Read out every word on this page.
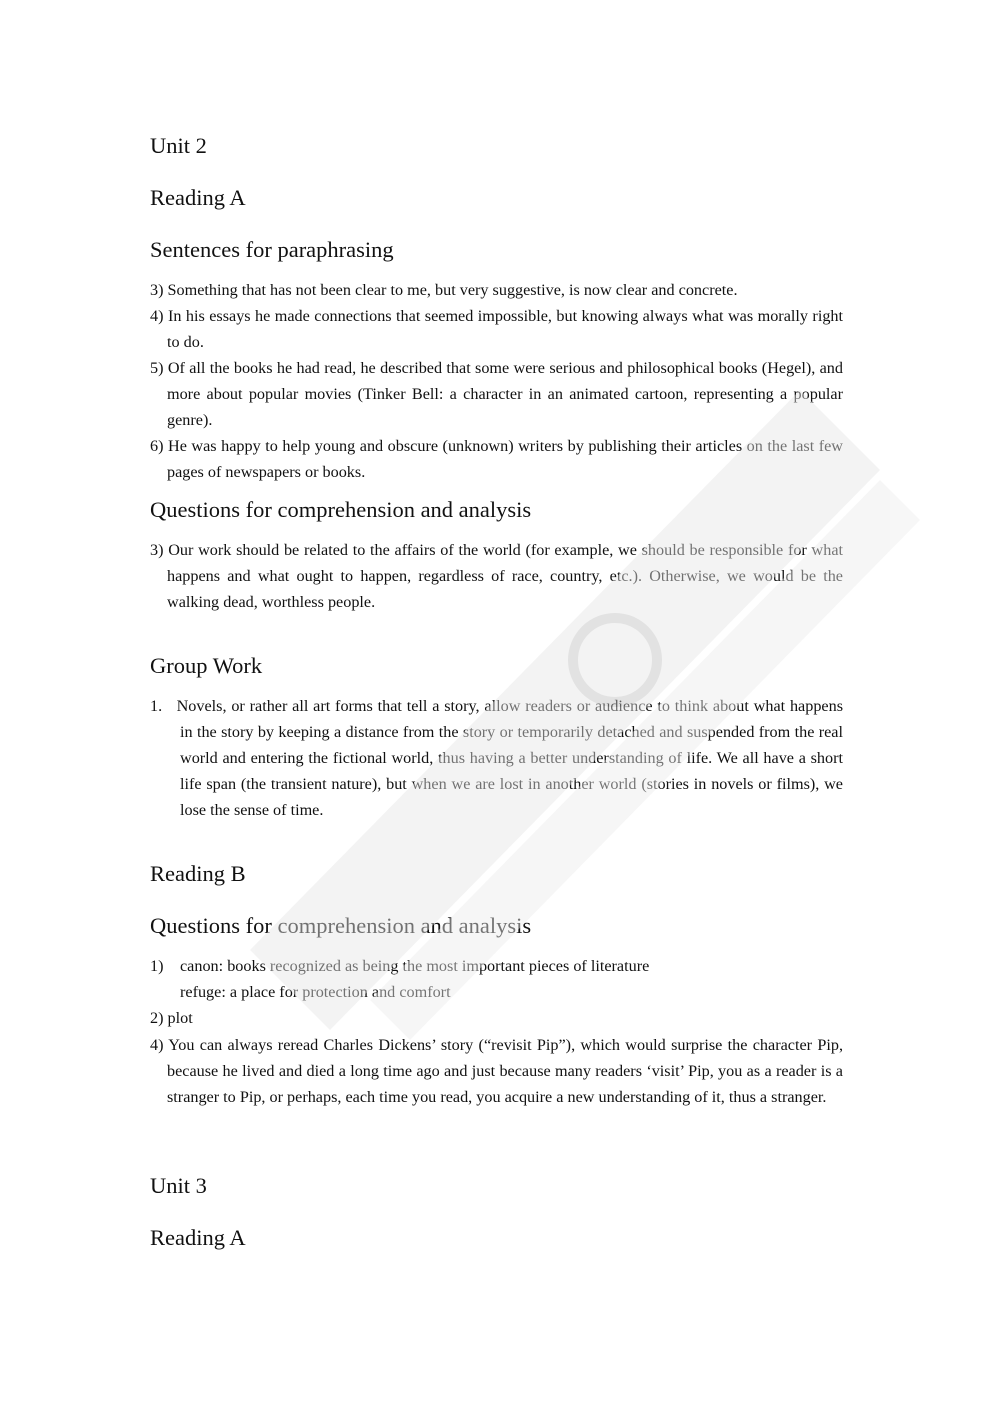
Unit 2
Reading A
Sentences for paraphrasing
3) Something that has not been clear to me, but very suggestive, is now clear and concrete.
4) In his essays he made connections that seemed impossible, but knowing always what was morally right to do.
5) Of all the books he had read, he described that some were serious and philosophical books (Hegel), and more about popular movies (Tinker Bell: a character in an animated cartoon, representing a popular genre).
6) He was happy to help young and obscure (unknown) writers by publishing their articles on the last few pages of newspapers or books.
Questions for comprehension and analysis
3) Our work should be related to the affairs of the world (for example, we should be responsible for what happens and what ought to happen, regardless of race, country, etc.). Otherwise, we would be the walking dead, worthless people.
Group Work
1.   Novels, or rather all art forms that tell a story, allow readers or audience to think about what happens in the story by keeping a distance from the story or temporarily detached and suspended from the real world and entering the fictional world, thus having a better understanding of life. We all have a short life span (the transient nature), but when we are lost in another world (stories in novels or films), we lose the sense of time.
Reading B
Questions for comprehension and analysis
1) canon: books recognized as being the most important pieces of literature
refuge: a place for protection and comfort
2) plot
4) You can always reread Charles Dickens’ story (“revisit Pip”), which would surprise the character Pip, because he lived and died a long time ago and just because many readers ‘visit’ Pip, you as a reader is a stranger to Pip, or perhaps, each time you read, you acquire a new understanding of it, thus a stranger.
Unit 3
Reading A
